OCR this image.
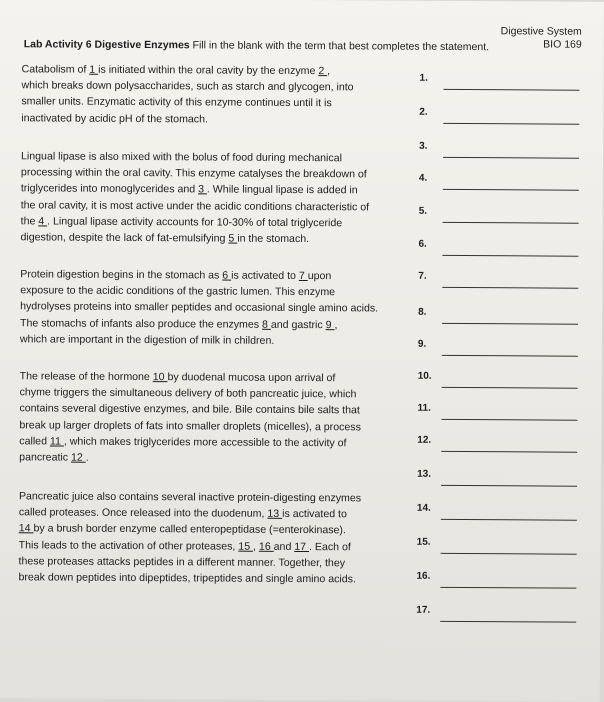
Digestive System
BIO 169
Lab Activity 6 Digestive Enzymes Fill in the blank with the term that best completes the statement.
Catabolism of 1 is initiated within the oral cavity by the enzyme 2 ,
which breaks down polysaccharides, such as starch and glycogen, into
smaller units. Enzymatic activity of this enzyme continues until it is
inactivated by acidic pH of the stomach.
Lingual lipase is also mixed with the bolus of food during mechanical
processing within the oral cavity. This enzyme catalyses the breakdown of
triglycerides into monoglycerides and 3 . While lingual lipase is added in
the oral cavity, it is most active under the acidic conditions characteristic of
the 4 . Lingual lipase activity accounts for 10-30% of total triglyceride
digestion, despite the lack of fat-emulsifying 5 in the stomach.
Protein digestion begins in the stomach as 6 is activated to 7 upon
exposure to the acidic conditions of the gastric lumen. This enzyme
hydrolyses proteins into smaller peptides and occasional single amino acids.
The stomachs of infants also produce the enzymes 8 and gastric 9 ,
which are important in the digestion of milk in children.
The release of the hormone 10 by duodenal mucosa upon arrival of
chyme triggers the simultaneous delivery of both pancreatic juice, which
contains several digestive enzymes, and bile. Bile contains bile salts that
break up larger droplets of fats into smaller droplets (micelles), a process
called 11 , which makes triglycerides more accessible to the activity of
pancreatic 12 .
Pancreatic juice also contains several inactive protein-digesting enzymes
called proteases. Once released into the duodenum, 13 is activated to
14 by a brush border enzyme called enteropeptidase (=enterokinase).
This leads to the activation of other proteases, 15 , 16 and 17 . Each of
these proteases attacks peptides in a different manner. Together, they
break down peptides into dipeptides, tripeptides and single amino acids.
1.
2.
3.
4.
5.
6.
7.
8.
9.
10.
11.
12.
13.
14.
15.
16.
17.
